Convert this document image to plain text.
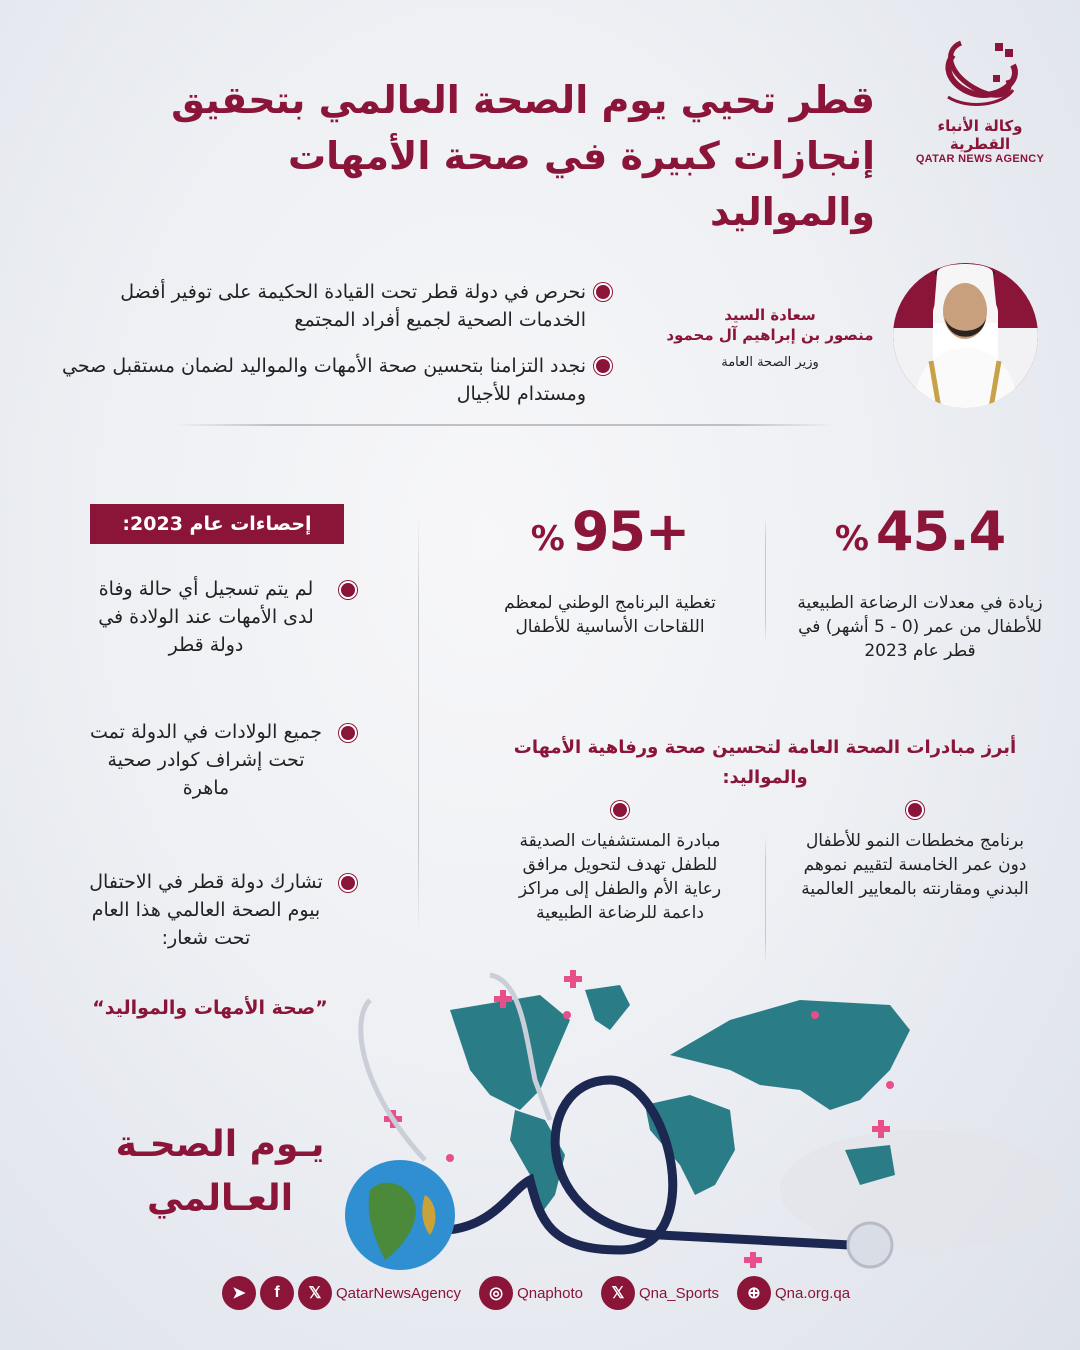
وكالة الأنباء القطرية
QATAR NEWS AGENCY
قطر تحيي يوم الصحة العالمي بتحقيق
إنجازات كبيرة في صحة الأمهات والمواليد
سعادة السيد
منصور بن إبراهيم آل محمود
وزير الصحة العامة
نحرص في دولة قطر تحت القيادة الحكيمة على توفير أفضل الخدمات الصحية لجميع أفراد المجتمع
نجدد التزامنا بتحسين صحة الأمهات والمواليد لضمان مستقبل صحي ومستدام للأجيال
إحصاءات عام 2023:
لم يتم تسجيل أي حالة وفاة لدى الأمهات عند الولادة في دولة قطر
جميع الولادات في الدولة تمت تحت إشراف كوادر صحية ماهرة
تشارك دولة قطر في الاحتفال بيوم الصحة العالمي هذا العام تحت شعار:
”صحة الأمهات والمواليد“
% 45.4
زيادة في معدلات الرضاعة الطبيعية للأطفال من عمر (0 - 5 أشهر) في قطر عام 2023
% 95+
تغطية البرنامج الوطني لمعظم اللقاحات الأساسية للأطفال
أبرز مبادرات الصحة العامة لتحسين صحة ورفاهية الأمهات والمواليد:
برنامج مخططات النمو للأطفال دون عمر الخامسة لتقييم نموهم البدني ومقارنته بالمعايير العالمية
مبادرة المستشفيات الصديقة للطفل تهدف لتحويل مرافق رعاية الأم والطفل إلى مراكز داعمة للرضاعة الطبيعية
يـوم الصحـة
العـالمي
➤	f	𝕏 QatarNewsAgency	◎ Qnaphoto	𝕏 Qna_Sports	⊕ Qna.org.qa
